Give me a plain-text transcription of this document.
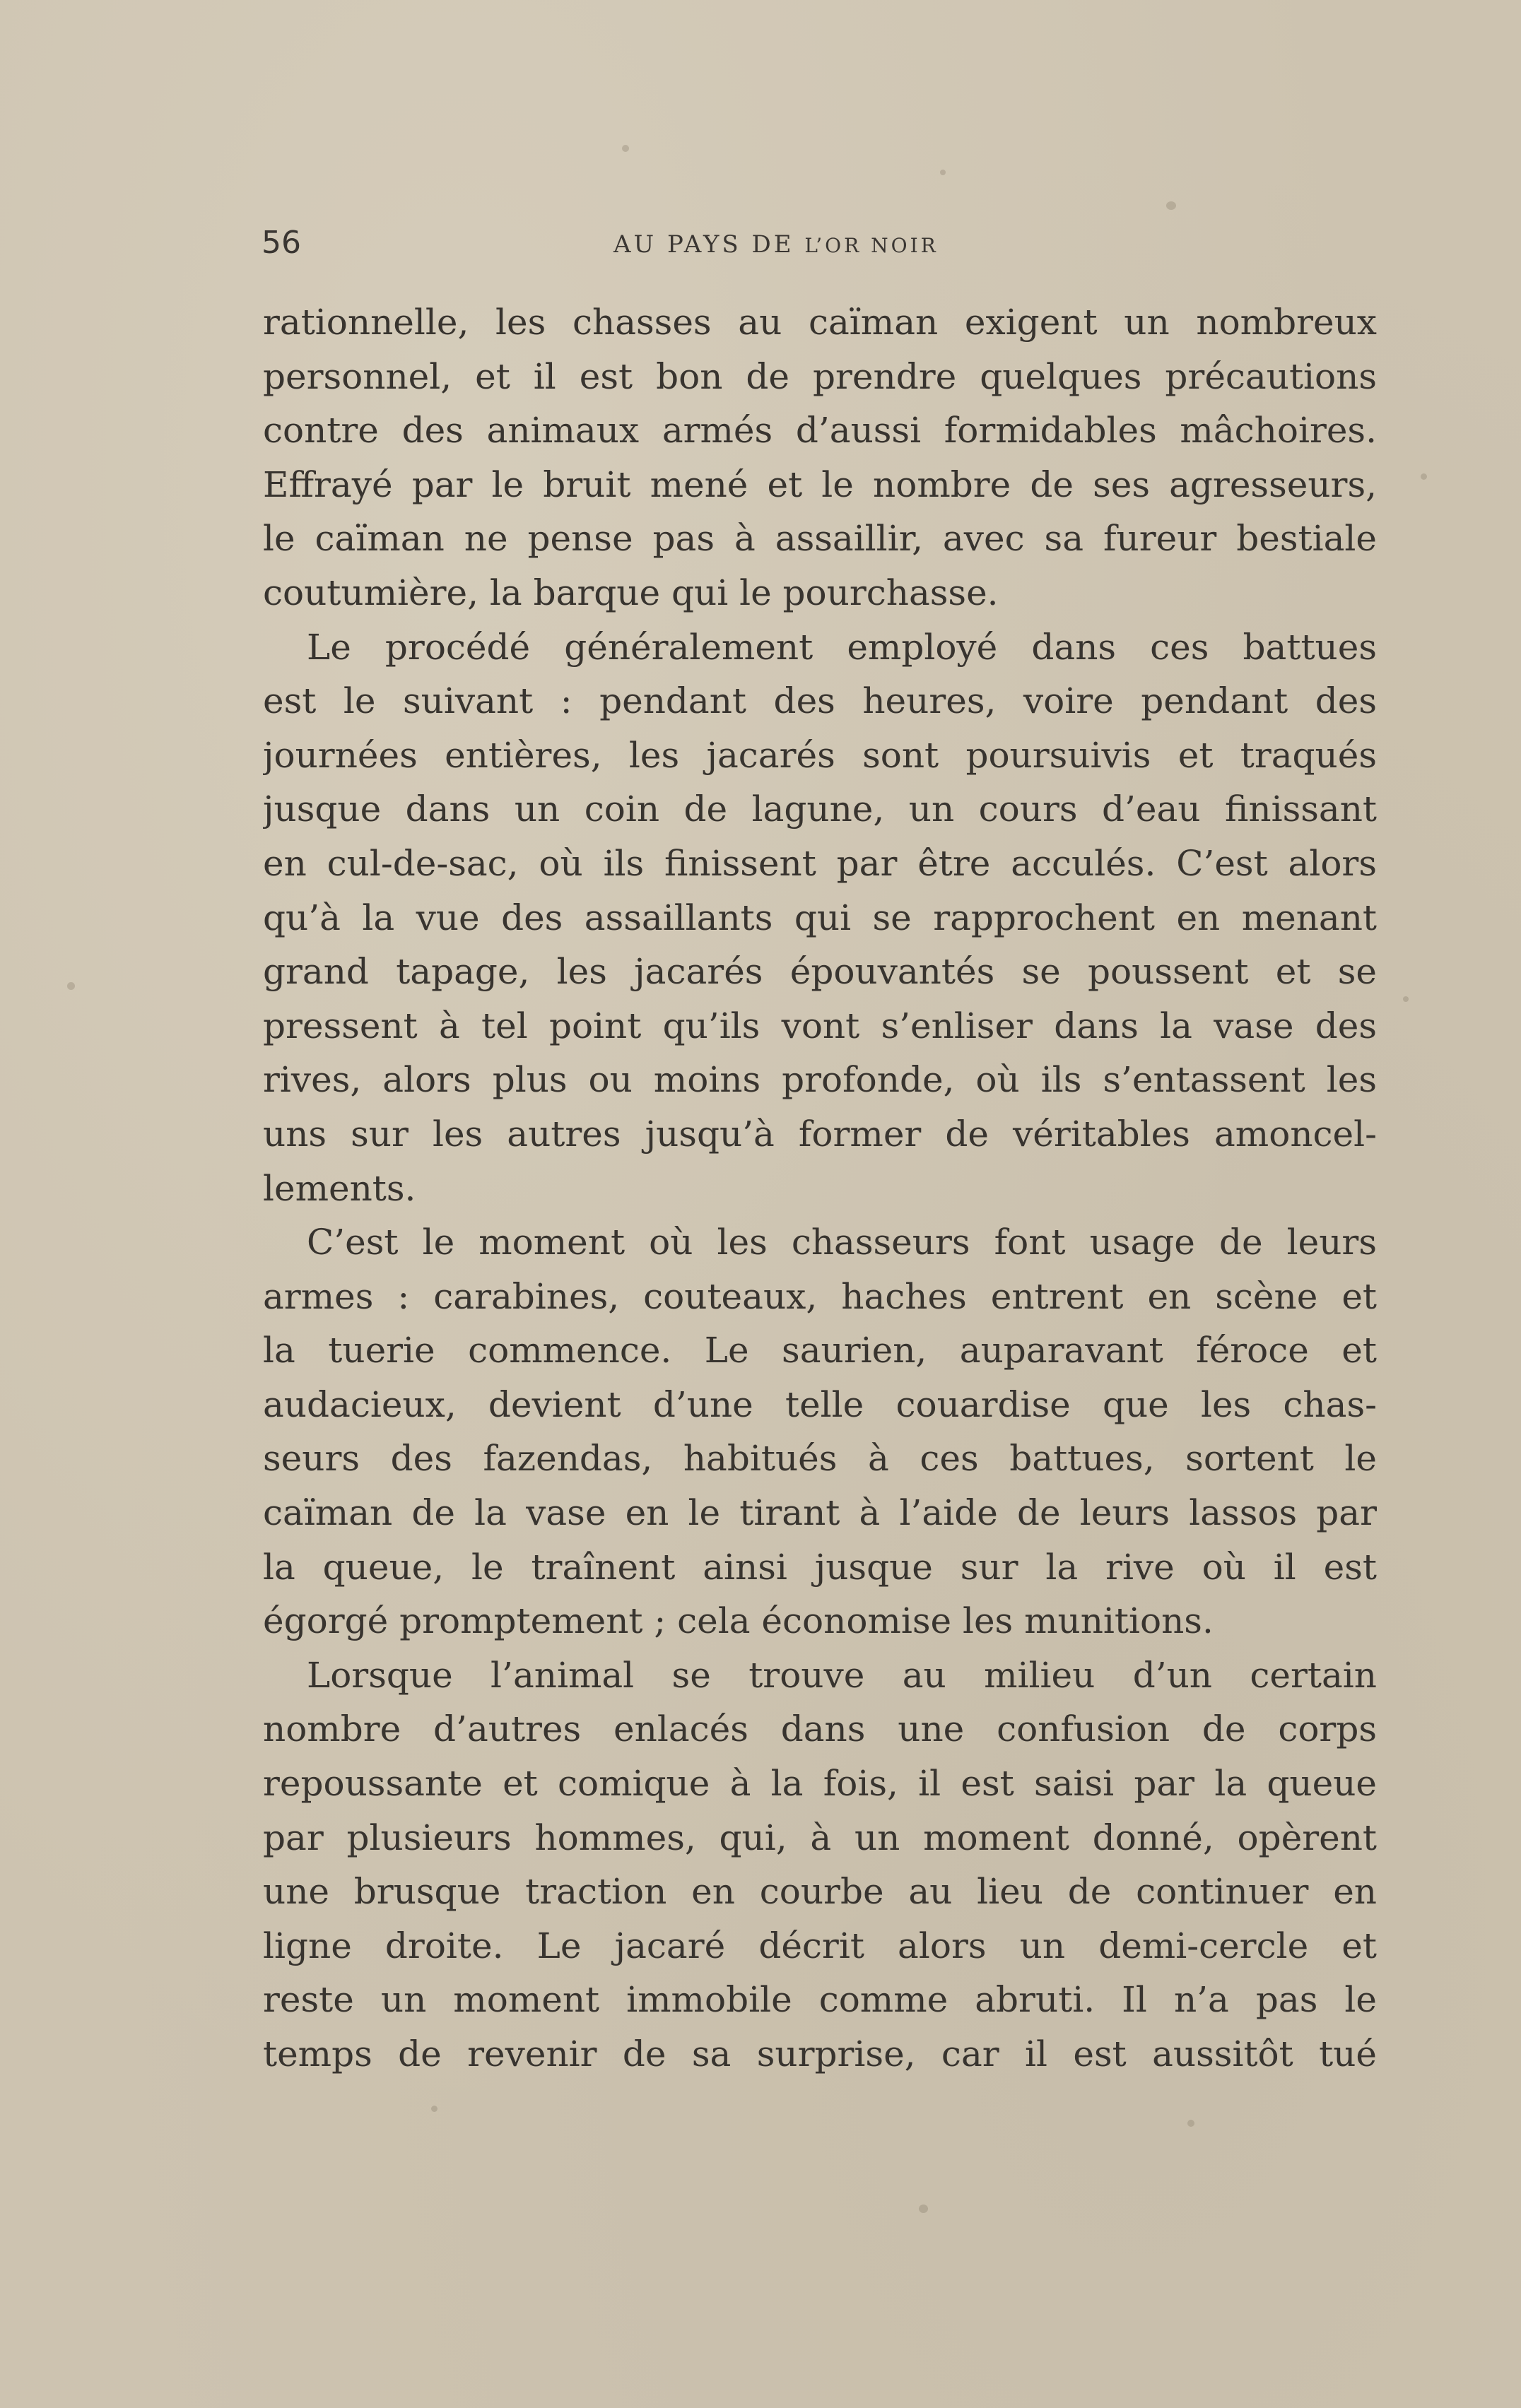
56	AU PAYS DE L’OR NOIR
rationnelle, les chasses au caïman exigent un nombreux
personnel, et il est bon de prendre quelques précautions
contre des animaux armés d’aussi formidables mâchoires.
Effrayé par le bruit mené et le nombre de ses agresseurs,
le caïman ne pense pas à assaillir, avec sa fureur bestiale
coutumière, la barque qui le pourchasse.
Le procédé généralement employé dans ces battues
est le suivant : pendant des heures, voire pendant des
journées entières, les jacarés sont poursuivis et traqués
jusque dans un coin de lagune, un cours d’eau finissant
en cul-de-sac, où ils finissent par être acculés. C’est alors
qu’à la vue des assaillants qui se rapprochent en menant
grand tapage, les jacarés épouvantés se poussent et se
pressent à tel point qu’ils vont s’enliser dans la vase des
rives, alors plus ou moins profonde, où ils s’entassent les
uns sur les autres jusqu’à former de véritables amoncel-
lements.
C’est le moment où les chasseurs font usage de leurs
armes : carabines, couteaux, haches entrent en scène et
la tuerie commence. Le saurien, auparavant féroce et
audacieux, devient d’une telle couardise que les chas-
seurs des fazendas, habitués à ces battues, sortent le
caïman de la vase en le tirant à l’aide de leurs lassos par
la queue, le traînent ainsi jusque sur la rive où il est
égorgé promptement ; cela économise les munitions.
Lorsque l’animal se trouve au milieu d’un certain
nombre d’autres enlacés dans une confusion de corps
repoussante et comique à la fois, il est saisi par la queue
par plusieurs hommes, qui, à un moment donné, opèrent
une brusque traction en courbe au lieu de continuer en
ligne droite. Le jacaré décrit alors un demi-cercle et
reste un moment immobile comme abruti. Il n’a pas le
temps de revenir de sa surprise, car il est aussitôt tué
